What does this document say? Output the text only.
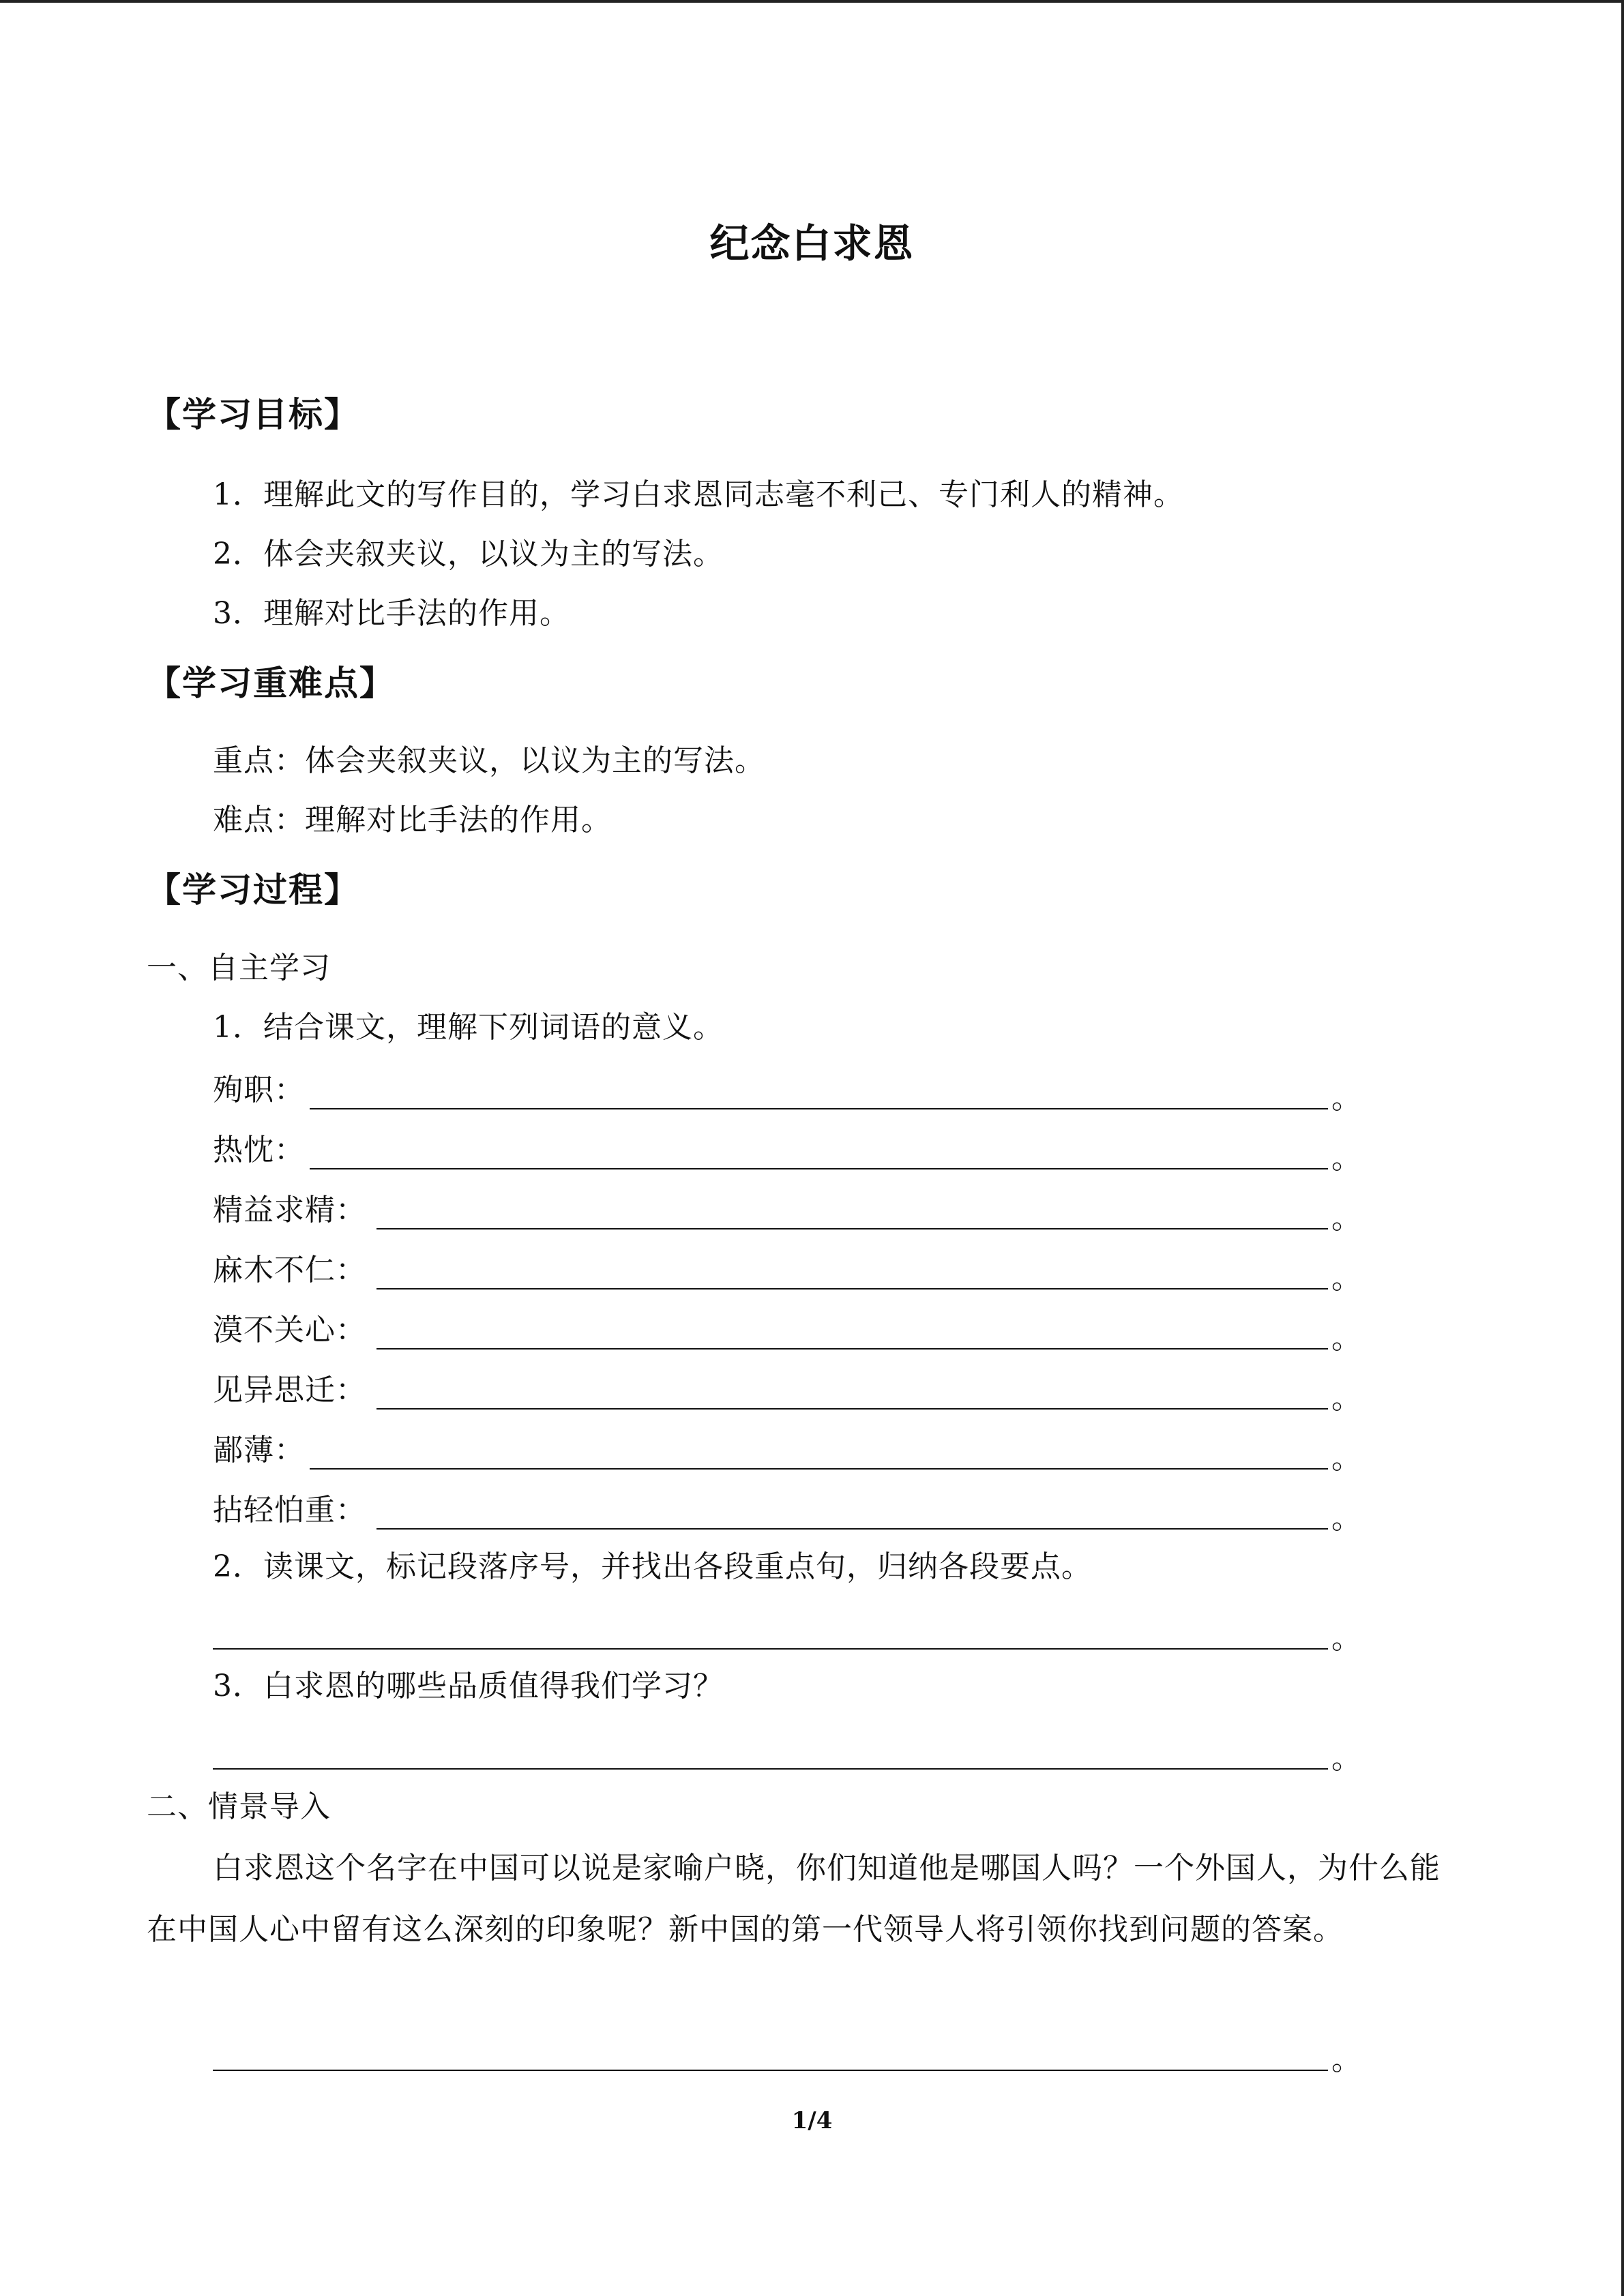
纪念白求恩
【学习目标】
1．理解此文的写作目的，学习白求恩同志毫不利己、专门利人的精神。
2．体会夹叙夹议，以议为主的写法。
3．理解对比手法的作用。
【学习重难点】
重点：体会夹叙夹议，以议为主的写法。
难点：理解对比手法的作用。
【学习过程】
一、自主学习
1．结合课文，理解下列词语的意义。
殉职：	。
热忱：	。
精益求精：	。
麻木不仁：	。
漠不关心：	。
见异思迁：	。
鄙薄：	。
拈轻怕重：	。
2．读课文，标记段落序号，并找出各段重点句，归纳各段要点。
。
3．白求恩的哪些品质值得我们学习？
。
二、情景导入
白求恩这个名字在中国可以说是家喻户晓，你们知道他是哪国人吗？一个外国人，为什么能在中国人心中留有这么深刻的印象呢？新中国的第一代领导人将引领你找到问题的答案。
。
1/4
